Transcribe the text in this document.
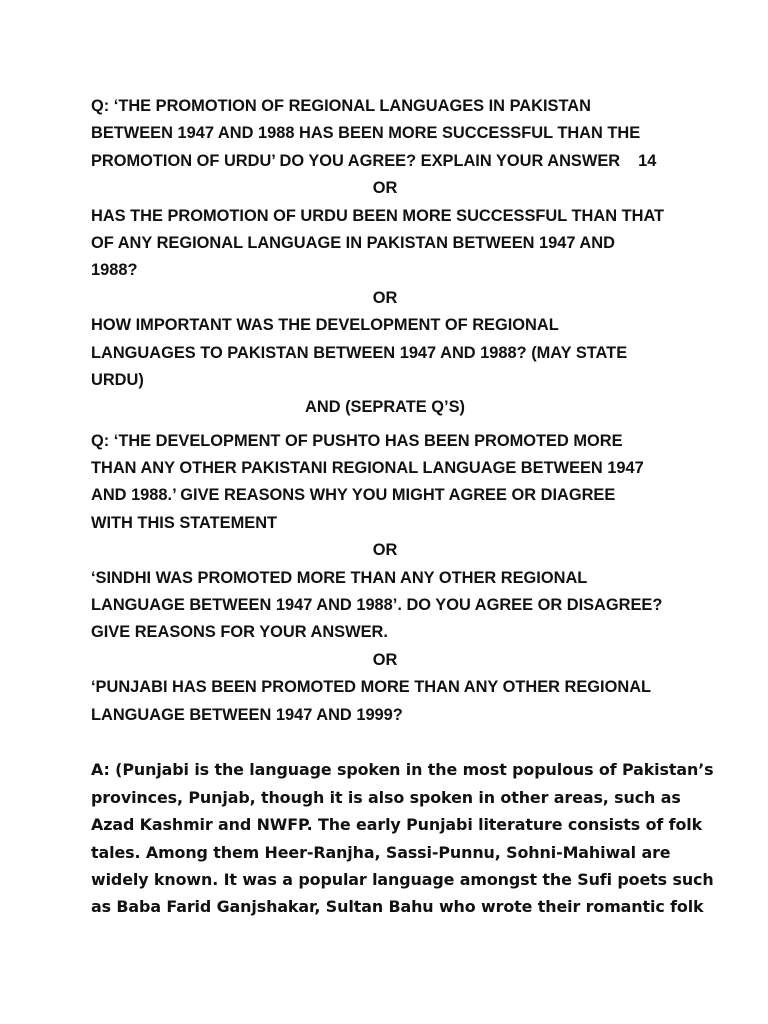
Q: ‘THE PROMOTION OF REGIONAL LANGUAGES IN PAKISTAN
BETWEEN 1947 AND 1988 HAS BEEN MORE SUCCESSFUL THAN THE
PROMOTION OF URDU’ DO YOU AGREE? EXPLAIN YOUR ANSWER 14
OR
HAS THE PROMOTION OF URDU BEEN MORE SUCCESSFUL THAN THAT
OF ANY REGIONAL LANGUAGE IN PAKISTAN BETWEEN 1947 AND
1988?
OR
HOW IMPORTANT WAS THE DEVELOPMENT OF REGIONAL
LANGUAGES TO PAKISTAN BETWEEN 1947 AND 1988? (MAY STATE
URDU)
AND (SEPRATE Q’S)
Q: ‘THE DEVELOPMENT OF PUSHTO HAS BEEN PROMOTED MORE
THAN ANY OTHER PAKISTANI REGIONAL LANGUAGE BETWEEN 1947
AND 1988.’ GIVE REASONS WHY YOU MIGHT AGREE OR DIAGREE
WITH THIS STATEMENT
OR
‘SINDHI WAS PROMOTED MORE THAN ANY OTHER REGIONAL
LANGUAGE BETWEEN 1947 AND 1988’. DO YOU AGREE OR DISAGREE?
GIVE REASONS FOR YOUR ANSWER.
OR
‘PUNJABI HAS BEEN PROMOTED MORE THAN ANY OTHER REGIONAL
LANGUAGE BETWEEN 1947 AND 1999?
A: (Punjabi is the language spoken in the most populous of Pakistan’s
provinces, Punjab, though it is also spoken in other areas, such as
Azad Kashmir and NWFP. The early Punjabi literature consists of folk
tales. Among them Heer-Ranjha, Sassi-Punnu, Sohni-Mahiwal are
widely known. It was a popular language amongst the Sufi poets such
as Baba Farid Ganjshakar, Sultan Bahu who wrote their romantic folk
